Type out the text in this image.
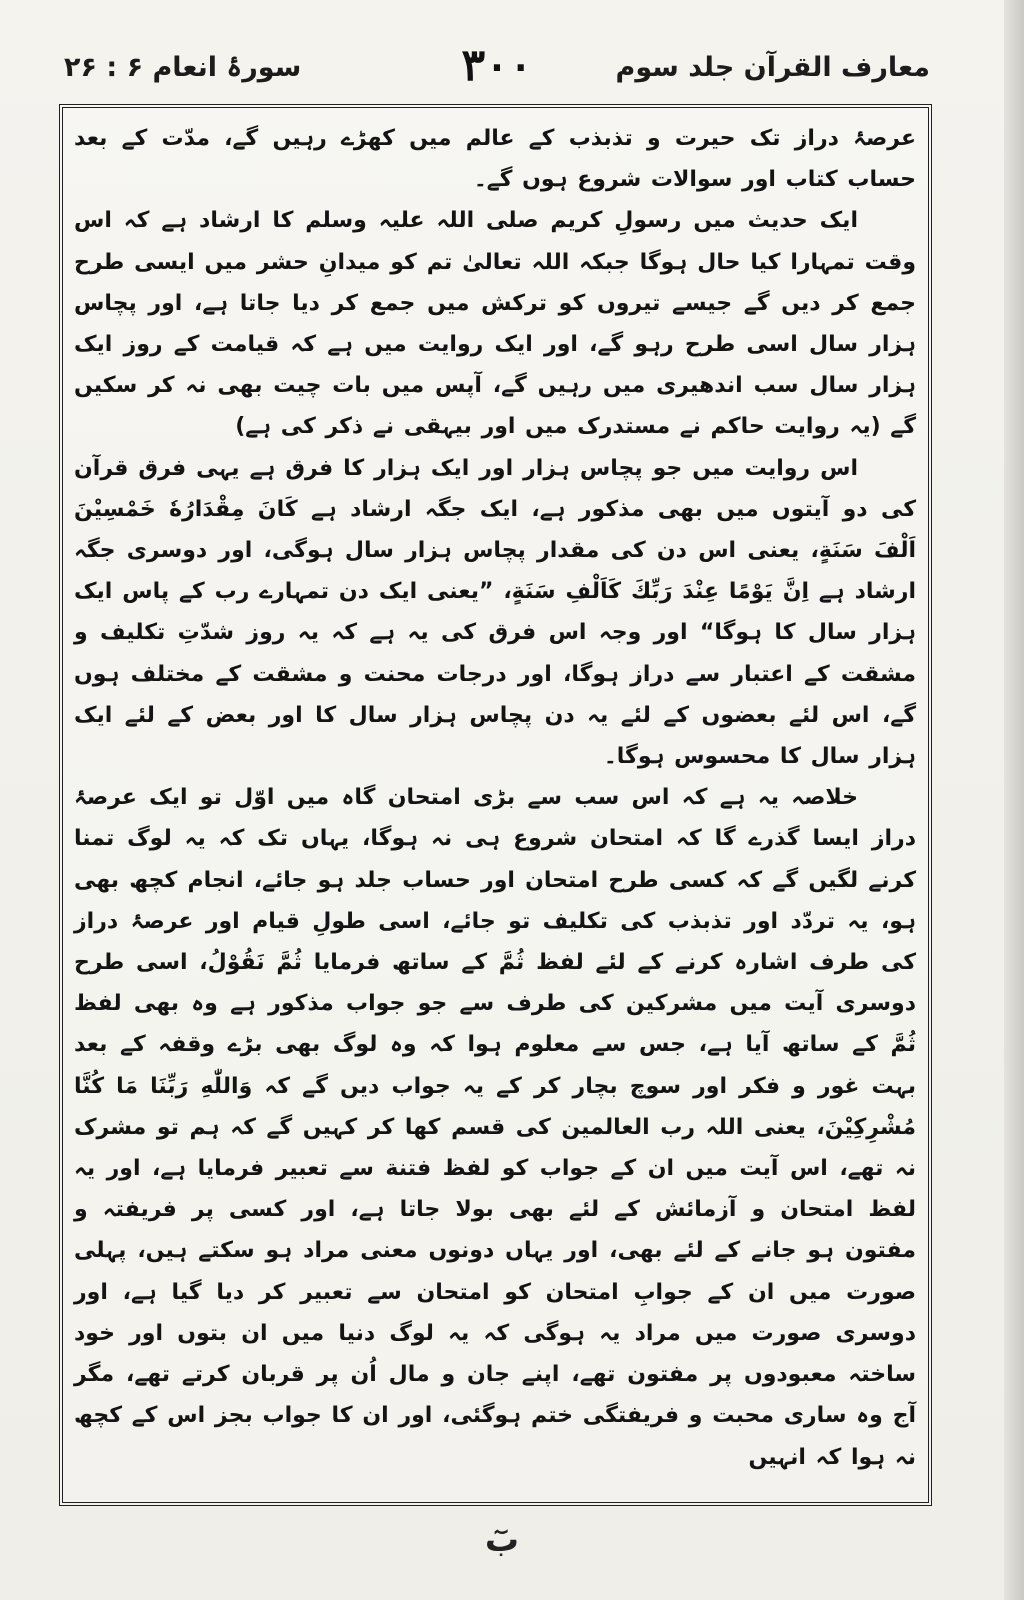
معارف القرآن جلد سوم
۳۰۰
سورۂ انعام ۶ : ۲۶

عرصۂ دراز تک حیرت و تذبذب کے عالم میں کھڑے رہیں گے، مدّت کے بعد حساب کتاب اور سوالات شروع ہوں گے۔

ایک حدیث میں رسولِ کریم صلی اللہ علیہ وسلم کا ارشاد ہے کہ اس وقت تمہارا کیا حال ہوگا جبکہ اللہ تعالیٰ تم کو میدانِ حشر میں ایسی طرح جمع کر دیں گے جیسے تیروں کو ترکش میں جمع کر دیا جاتا ہے، اور پچاس ہزار سال اسی طرح رہو گے، اور ایک روایت میں ہے کہ قیامت کے روز ایک ہزار سال سب اندھیری میں رہیں گے، آپس میں بات چیت بھی نہ کر سکیں گے (یہ روایت حاکم نے مستدرک میں اور بیہقی نے ذکر کی ہے)

اس روایت میں جو پچاس ہزار اور ایک ہزار کا فرق ہے یہی فرق قرآن کی دو آیتوں میں بھی مذکور ہے، ایک جگہ ارشاد ہے کَانَ مِقْدَارُهٗ خَمْسِيْنَ اَلْفَ سَنَةٍ، یعنی اس دن کی مقدار پچاس ہزار سال ہوگی، اور دوسری جگہ ارشاد ہے اِنَّ يَوْمًا عِنْدَ رَبِّكَ كَاَلْفِ سَنَةٍ، ”یعنی ایک دن تمہارے رب کے پاس ایک ہزار سال کا ہوگا“ اور وجہ اس فرق کی یہ ہے کہ یہ روز شدّتِ تکلیف و مشقت کے اعتبار سے دراز ہوگا، اور درجات محنت و مشقت کے مختلف ہوں گے، اس لئے بعضوں کے لئے یہ دن پچاس ہزار سال کا اور بعض کے لئے ایک ہزار سال کا محسوس ہوگا۔

خلاصہ یہ ہے کہ اس سب سے بڑی امتحان گاہ میں اوّل تو ایک عرصۂ دراز ایسا گذرے گا کہ امتحان شروع ہی نہ ہوگا، یہاں تک کہ یہ لوگ تمنا کرنے لگیں گے کہ کسی طرح امتحان اور حساب جلد ہو جائے، انجام کچھ بھی ہو، یہ تردّد اور تذبذب کی تکلیف تو جائے، اسی طولِ قیام اور عرصۂ دراز کی طرف اشارہ کرنے کے لئے لفظ ثُمَّ کے ساتھ فرمایا ثُمَّ نَقُوْلُ، اسی طرح دوسری آیت میں مشرکین کی طرف سے جو جواب مذکور ہے وہ بھی لفظ ثُمَّ کے ساتھ آیا ہے، جس سے معلوم ہوا کہ وہ لوگ بھی بڑے وقفہ کے بعد بہت غور و فکر اور سوچ بچار کر کے یہ جواب دیں گے کہ وَاللّٰهِ رَبِّنَا مَا كُنَّا مُشْرِكِيْنَ، یعنی اللہ رب العالمین کی قسم کھا کر کہیں گے کہ ہم تو مشرک نہ تھے، اس آیت میں ان کے جواب کو لفظ فتنة سے تعبیر فرمایا ہے، اور یہ لفظ امتحان و آزمائش کے لئے بھی بولا جاتا ہے، اور کسی پر فریفتہ و مفتون ہو جانے کے لئے بھی، اور یہاں دونوں معنی مراد ہو سکتے ہیں، پہلی صورت میں ان کے جوابِ امتحان کو امتحان سے تعبیر کر دیا گیا ہے، اور دوسری صورت میں مراد یہ ہوگی کہ یہ لوگ دنیا میں ان بتوں اور خود ساختہ معبودوں پر مفتون تھے، اپنے جان و مال اُن پر قربان کرتے تھے، مگر آج وہ ساری محبت و فریفتگی ختم ہوگئی، اور ان کا جواب بجز اس کے کچھ نہ ہوا کہ انہیں

بٓ
